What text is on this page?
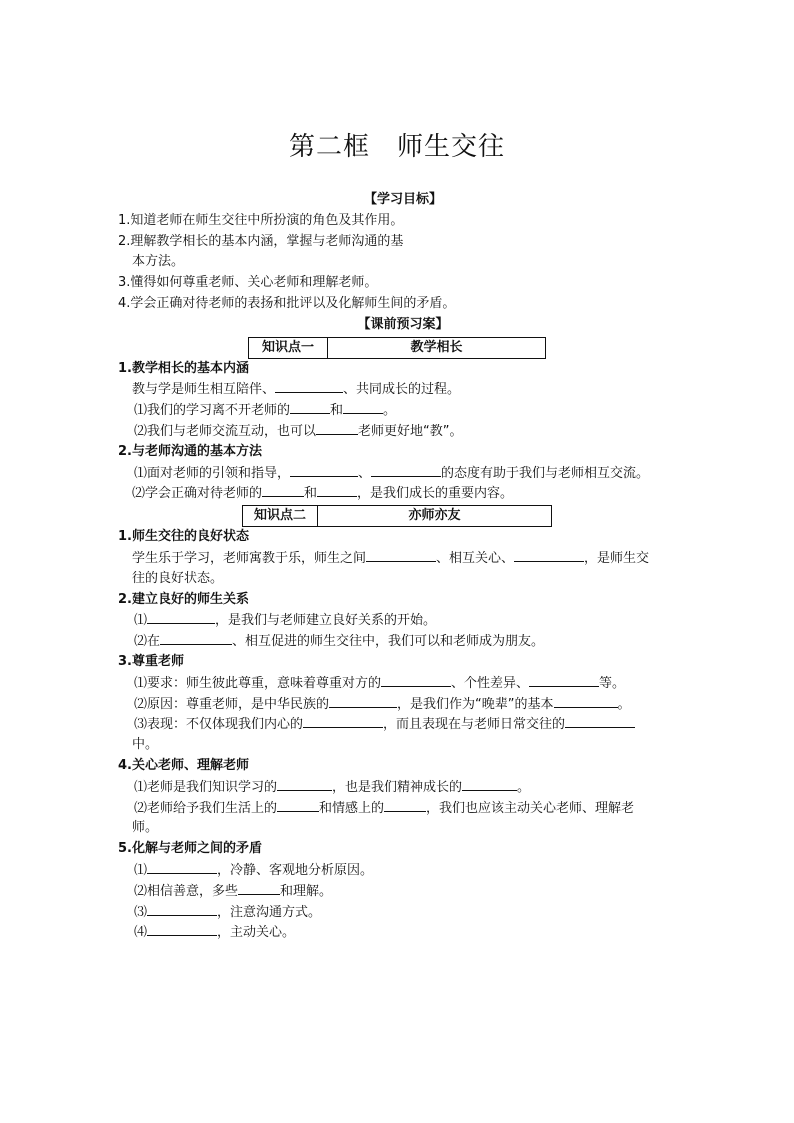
第二框　师生交往
【学习目标】
1.知道老师在师生交往中所扮演的角色及其作用。
2.理解教学相长的基本内涵，掌握与老师沟通的基
本方法。
3.懂得如何尊重老师、关心老师和理解老师。
4.学会正确对待老师的表扬和批评以及化解师生间的矛盾。
【课前预习案】
知识点一	教学相长
1.教学相长的基本内涵
教与学是师生相互陪伴、	、共同成长的过程。
⑴我们的学习离不开老师的	和	。
⑵我们与老师交流互动，也可以	老师更好地“教”。
2.与老师沟通的基本方法
⑴面对老师的引领和指导，	、	的态度有助于我们与老师相互交流。
⑵学会正确对待老师的	和	，是我们成长的重要内容。
知识点二	亦师亦友
1.师生交往的良好状态
学生乐于学习，老师寓教于乐，师生之间	、相互关心、	，是师生交
往的良好状态。
2.建立良好的师生关系
⑴	，是我们与老师建立良好关系的开始。
⑵在	、相互促进的师生交往中，我们可以和老师成为朋友。
3.尊重老师
⑴要求：师生彼此尊重，意味着尊重对方的	、个性差异、	等。
⑵原因：尊重老师，是中华民族的	，是我们作为“晚辈”的基本	。
⑶表现：不仅体现我们内心的	，而且表现在与老师日常交往的
中。
4.关心老师、理解老师
⑴老师是我们知识学习的	，也是我们精神成长的	。
⑵老师给予我们生活上的	和情感上的	，我们也应该主动关心老师、理解老
师。
5.化解与老师之间的矛盾
⑴	，冷静、客观地分析原因。
⑵相信善意，多些	和理解。
⑶	，注意沟通方式。
⑷	，主动关心。
